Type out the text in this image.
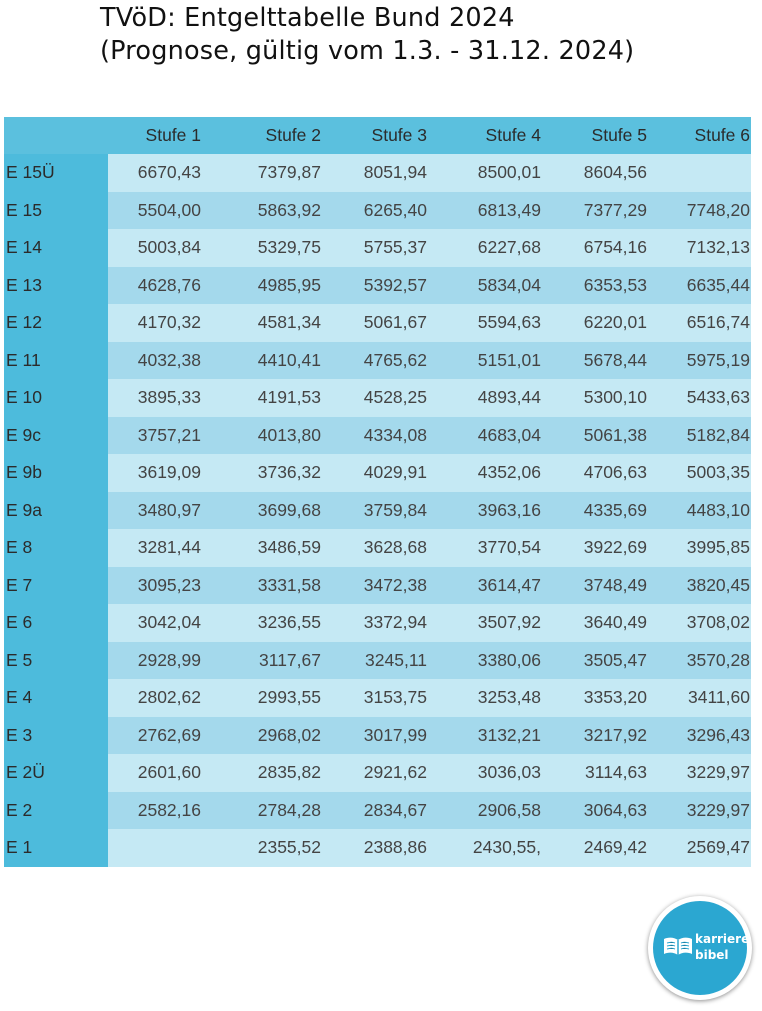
TVöD: Entgelttabelle Bund 2024
(Prognose, gültig vom 1.3. - 31.12. 2024)
	Stufe 1	Stufe 2	Stufe 3	Stufe 4	Stufe 5	Stufe 6
E 15Ü	6670,43	7379,87	8051,94	8500,01	8604,56	
E 15	5504,00	5863,92	6265,40	6813,49	7377,29	7748,20
E 14	5003,84	5329,75	5755,37	6227,68	6754,16	7132,13
E 13	4628,76	4985,95	5392,57	5834,04	6353,53	6635,44
E 12	4170,32	4581,34	5061,67	5594,63	6220,01	6516,74
E 11	4032,38	4410,41	4765,62	5151,01	5678,44	5975,19
E 10	3895,33	4191,53	4528,25	4893,44	5300,10	5433,63
E 9c	3757,21	4013,80	4334,08	4683,04	5061,38	5182,84
E 9b	3619,09	3736,32	4029,91	4352,06	4706,63	5003,35
E 9a	3480,97	3699,68	3759,84	3963,16	4335,69	4483,10
E 8	3281,44	3486,59	3628,68	3770,54	3922,69	3995,85
E 7	3095,23	3331,58	3472,38	3614,47	3748,49	3820,45
E 6	3042,04	3236,55	3372,94	3507,92	3640,49	3708,02
E 5	2928,99	3117,67	3245,11	3380,06	3505,47	3570,28
E 4	2802,62	2993,55	3153,75	3253,48	3353,20	3411,60
E 3	2762,69	2968,02	3017,99	3132,21	3217,92	3296,43
E 2Ü	2601,60	2835,82	2921,62	3036,03	3114,63	3229,97
E 2	2582,16	2784,28	2834,67	2906,58	3064,63	3229,97
E 1		2355,52	2388,86	2430,55,	2469,42	2569,47
karriere
bibel
